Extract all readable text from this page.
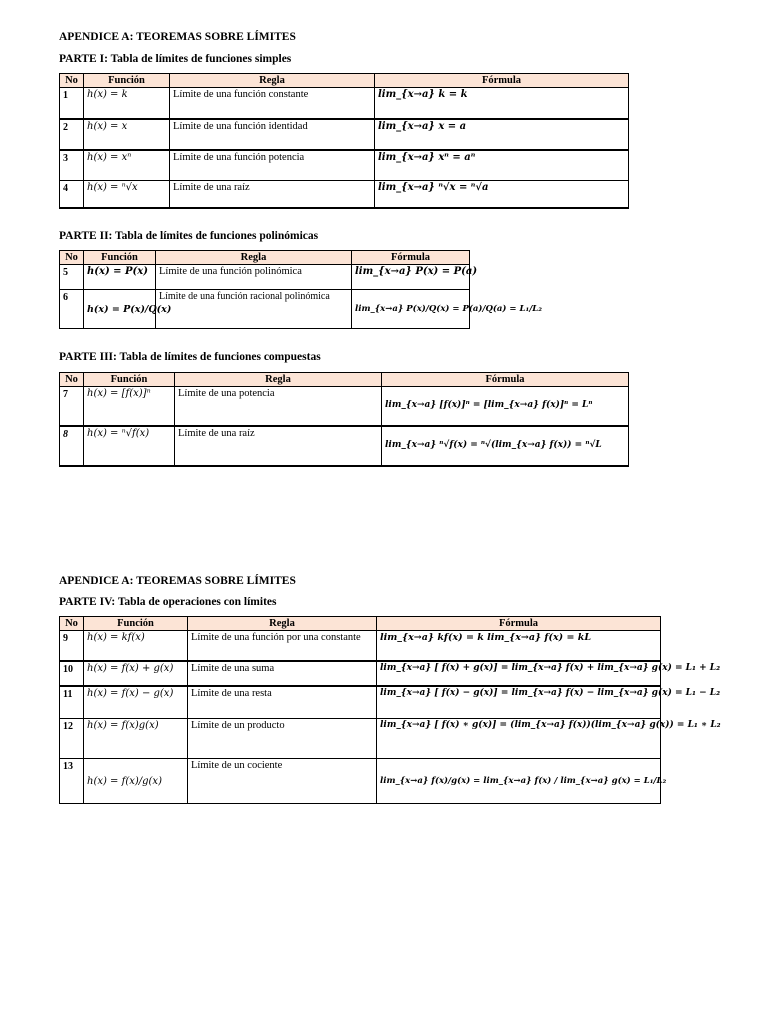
APENDICE A: TEOREMAS SOBRE LÍMITES
PARTE I: Tabla de límites de funciones simples
No	Función	Regla	Fórmula
1	h(x) = k	Límite de una función constante	lim_{x→a} k = k
2	h(x) = x	Límite de una función identidad	lim_{x→a} x = a
3	h(x) = xⁿ	Límite de una función potencia	lim_{x→a} xⁿ = aⁿ
4	h(x) = ⁿ√x	Límite de una raíz	lim_{x→a} ⁿ√x = ⁿ√a
PARTE II: Tabla de límites de funciones polinómicas
No	Función	Regla	Fórmula
5	h(x) = P(x)	Límite de una función polinómica	lim_{x→a} P(x) = P(a)
6	h(x) = P(x)/Q(x)	Límite de una función racional polinómica	lim_{x→a} P(x)/Q(x) = P(a)/Q(a) = L₁/L₂
PARTE III: Tabla de límites de funciones compuestas
No	Función	Regla	Fórmula
7	h(x) = [f(x)]ⁿ	Límite de una potencia	lim_{x→a} [f(x)]ⁿ = [lim_{x→a} f(x)]ⁿ = Lⁿ
8	h(x) = ⁿ√f(x)	Límite de una raíz	lim_{x→a} ⁿ√f(x) = ⁿ√(lim_{x→a} f(x)) = ⁿ√L
APENDICE A: TEOREMAS SOBRE LÍMITES
PARTE IV: Tabla de operaciones con límites
No	Función	Regla	Fórmula
9	h(x) = kf(x)	Límite de una función por una constante	lim_{x→a} kf(x) = k lim_{x→a} f(x) = kL
10	h(x) = f(x) + g(x)	Límite de una suma	lim_{x→a} [ f(x) + g(x)] = lim_{x→a} f(x) + lim_{x→a} g(x) = L₁ + L₂
11	h(x) = f(x) − g(x)	Límite de una resta	lim_{x→a} [ f(x) − g(x)] = lim_{x→a} f(x) − lim_{x→a} g(x) = L₁ − L₂
12	h(x) = f(x)g(x)	Límite de un producto	lim_{x→a} [ f(x) ∗ g(x)] = (lim_{x→a} f(x))(lim_{x→a} g(x)) = L₁ ∗ L₂
13	h(x) = f(x)/g(x)	Límite de un cociente	lim_{x→a} f(x)/g(x) = lim_{x→a} f(x) / lim_{x→a} g(x) = L₁/L₂
